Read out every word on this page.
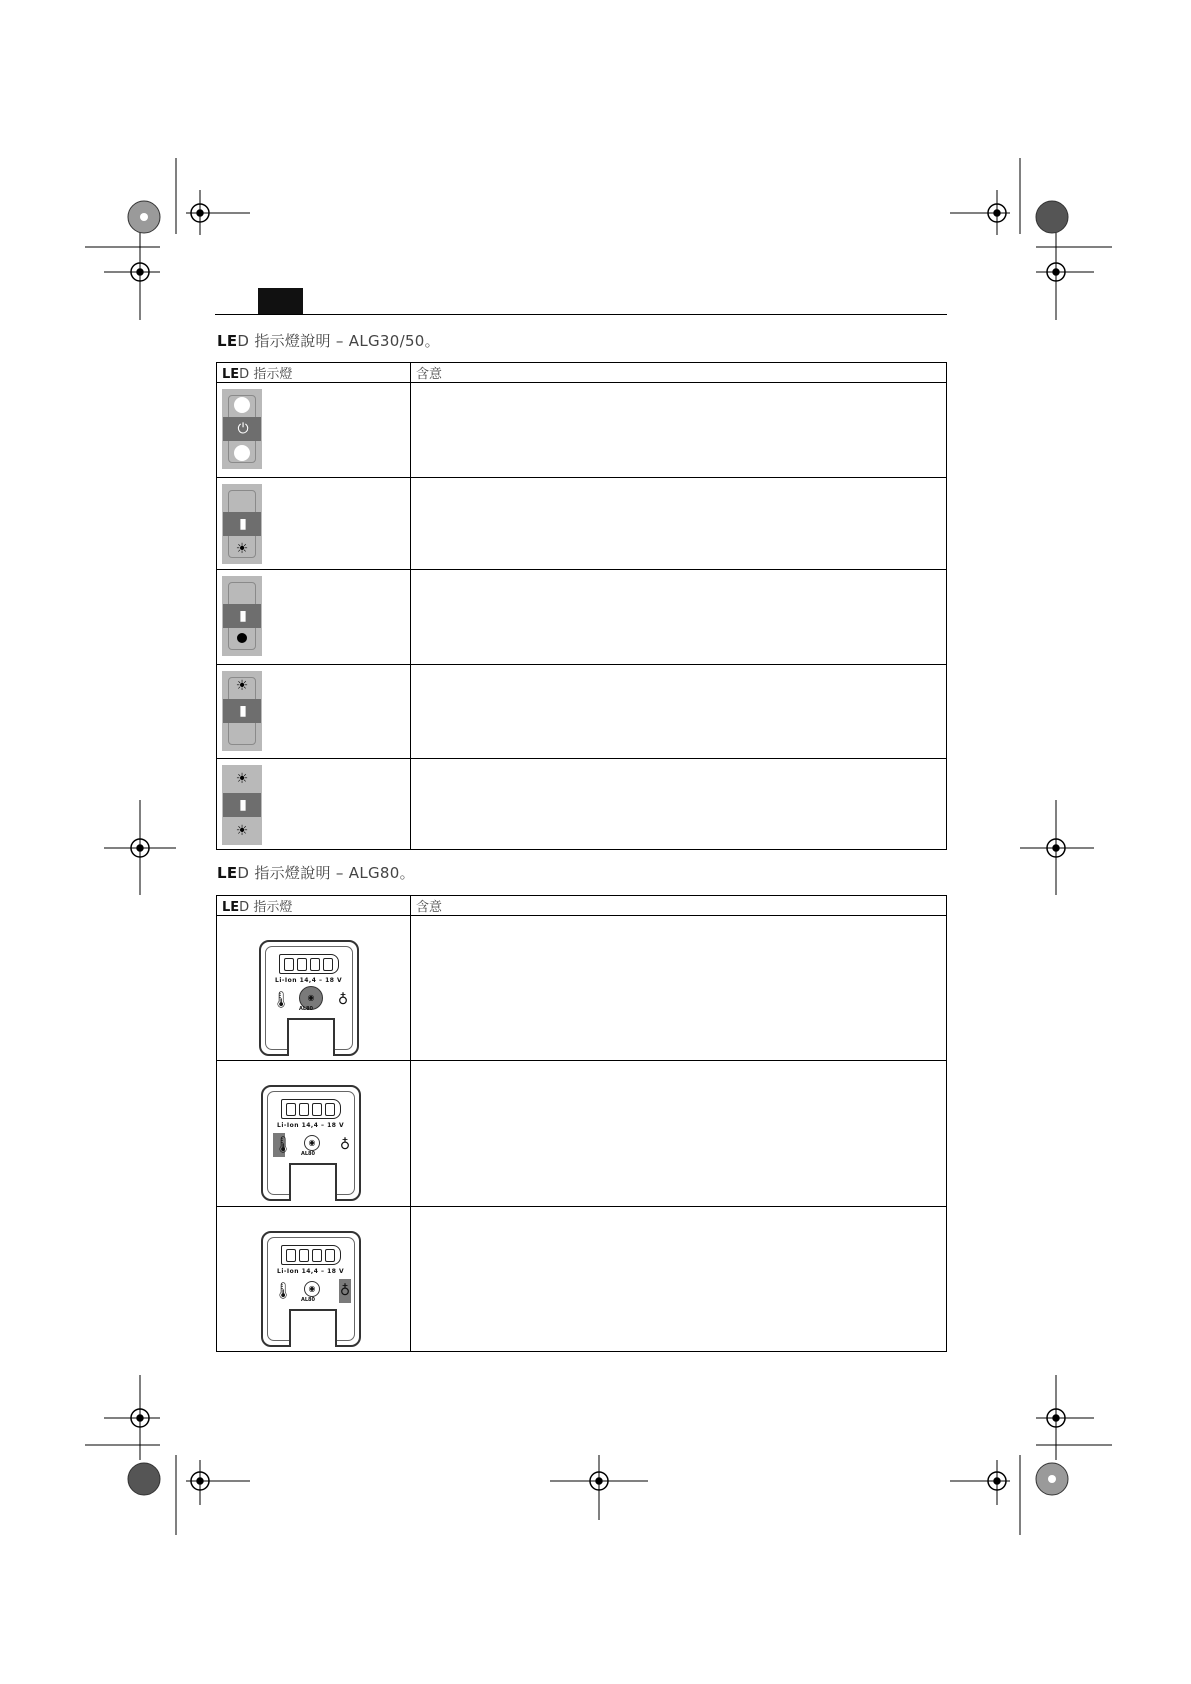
LED 指示燈說明 – ALG30/50。
LED 指示燈	含意

⏻	

▮
☀	

▮	

☀
▮	

☀
▮
☀	

LED 指示燈說明 – ALG80。
LED 指示燈	含意

Li-Ion 14,4 – 18 V
🌡 ◉
AL80
♁	

Li-Ion 14,4 – 18 V
🌡 ◉
AL80
♁	

Li-Ion 14,4 – 18 V
🌡 ◉
AL80
♁	
